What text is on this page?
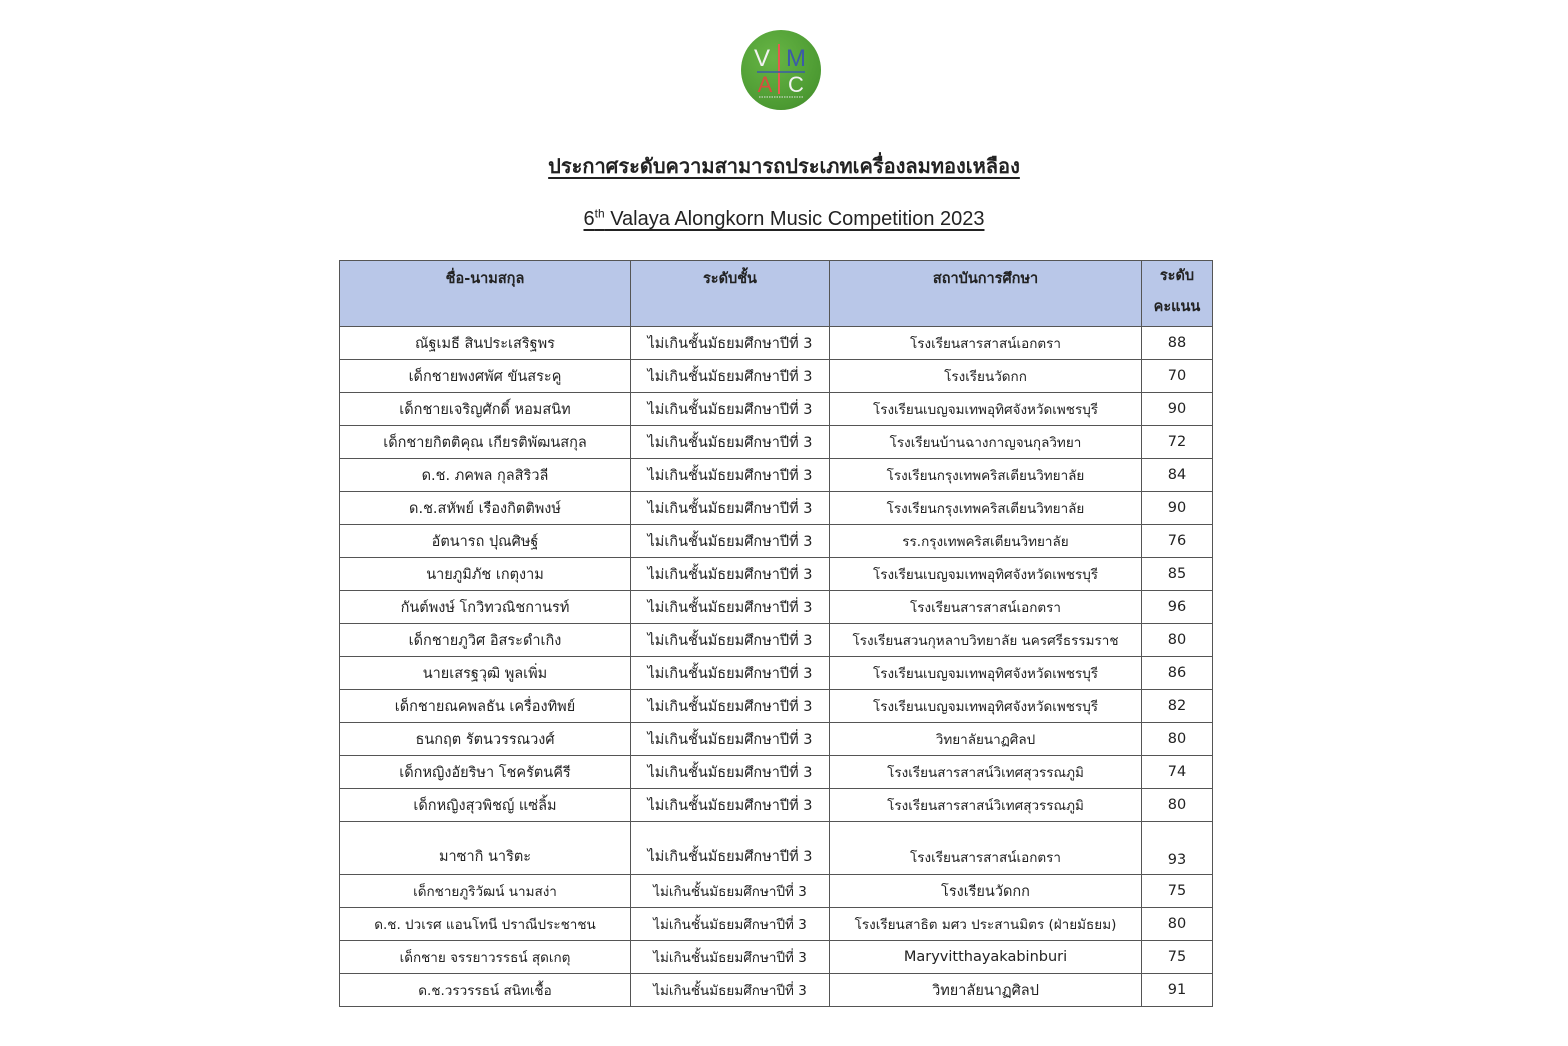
V M
A C
ประกาศระดับความสามารถประเภทเครื่องลมทองเหลือง
6th Valaya Alongkorn Music Competition 2023
ชื่อ-นามสกุล	ระดับชั้น	สถาบันการศึกษา	ระดับ
คะแนน

ณัฐเมธี สินประเสริฐพร	ไม่เกินชั้นมัธยมศึกษาปีที่ 3	โรงเรียนสารสาสน์เอกตรา	88
เด็กชายพงศพัศ ขันสระคู	ไม่เกินชั้นมัธยมศึกษาปีที่ 3	โรงเรียนวัดกก	70
เด็กชายเจริญศักดิ์ หอมสนิท	ไม่เกินชั้นมัธยมศึกษาปีที่ 3	โรงเรียนเบญจมเทพอุทิศจังหวัดเพชรบุรี	90
เด็กชายกิตติคุณ เกียรติพัฒนสกุล	ไม่เกินชั้นมัธยมศึกษาปีที่ 3	โรงเรียนบ้านฉางกาญจนกุลวิทยา	72
ด.ช. ภคพล กุลสิริวลี	ไม่เกินชั้นมัธยมศึกษาปีที่ 3	โรงเรียนกรุงเทพคริสเตียนวิทยาลัย	84
ด.ช.สหัพย์ เรืองกิตติพงษ์	ไม่เกินชั้นมัธยมศึกษาปีที่ 3	โรงเรียนกรุงเทพคริสเตียนวิทยาลัย	90
อัตนารถ ปุณศิษฐ์	ไม่เกินชั้นมัธยมศึกษาปีที่ 3	รร.กรุงเทพคริสเตียนวิทยาลัย	76
นายภูมิภัช เกตุงาม	ไม่เกินชั้นมัธยมศึกษาปีที่ 3	โรงเรียนเบญจมเทพอุทิศจังหวัดเพชรบุรี	85
กันต์พงษ์ โกวิทวณิชกานรท์	ไม่เกินชั้นมัธยมศึกษาปีที่ 3	โรงเรียนสารสาสน์เอกตรา	96
เด็กชายภูวิศ อิสระดำเกิง	ไม่เกินชั้นมัธยมศึกษาปีที่ 3	โรงเรียนสวนกุหลาบวิทยาลัย นครศรีธรรมราช	80
นายเสรฐวุฒิ พูลเพิ่ม	ไม่เกินชั้นมัธยมศึกษาปีที่ 3	โรงเรียนเบญจมเทพอุทิศจังหวัดเพชรบุรี	86
เด็กชายณคพลธัน เครื่องทิพย์	ไม่เกินชั้นมัธยมศึกษาปีที่ 3	โรงเรียนเบญจมเทพอุทิศจังหวัดเพชรบุรี	82
ธนกฤต รัตนวรรณวงศ์	ไม่เกินชั้นมัธยมศึกษาปีที่ 3	วิทยาลัยนาฏศิลป	80
เด็กหญิงอัยริษา โชครัตนคีรี	ไม่เกินชั้นมัธยมศึกษาปีที่ 3	โรงเรียนสารสาสน์วิเทศสุวรรณภูมิ	74
เด็กหญิงสุวพิชญ์ แซ่ลิ้ม	ไม่เกินชั้นมัธยมศึกษาปีที่ 3	โรงเรียนสารสาสน์วิเทศสุวรรณภูมิ	80
มาซากิ นาริตะ	ไม่เกินชั้นมัธยมศึกษาปีที่ 3	โรงเรียนสารสาสน์เอกตรา	93
เด็กชายภูริวัฒน์ นามสง่า	ไม่เกินชั้นมัธยมศึกษาปีที่ 3	โรงเรียนวัดกก	75
ด.ช. ปวเรศ แอนโทนี ปราณีประชาชน	ไม่เกินชั้นมัธยมศึกษาปีที่ 3	โรงเรียนสาธิต มศว ประสานมิตร (ฝ่ายมัธยม)	80
เด็กชาย จรรยาวรรธน์ สุดเกตุ	ไม่เกินชั้นมัธยมศึกษาปีที่ 3	Maryvitthayakabinburi	75
ด.ช.วรวรรธน์ สนิทเชื้อ	ไม่เกินชั้นมัธยมศึกษาปีที่ 3	วิทยาลัยนาฏศิลป	91
